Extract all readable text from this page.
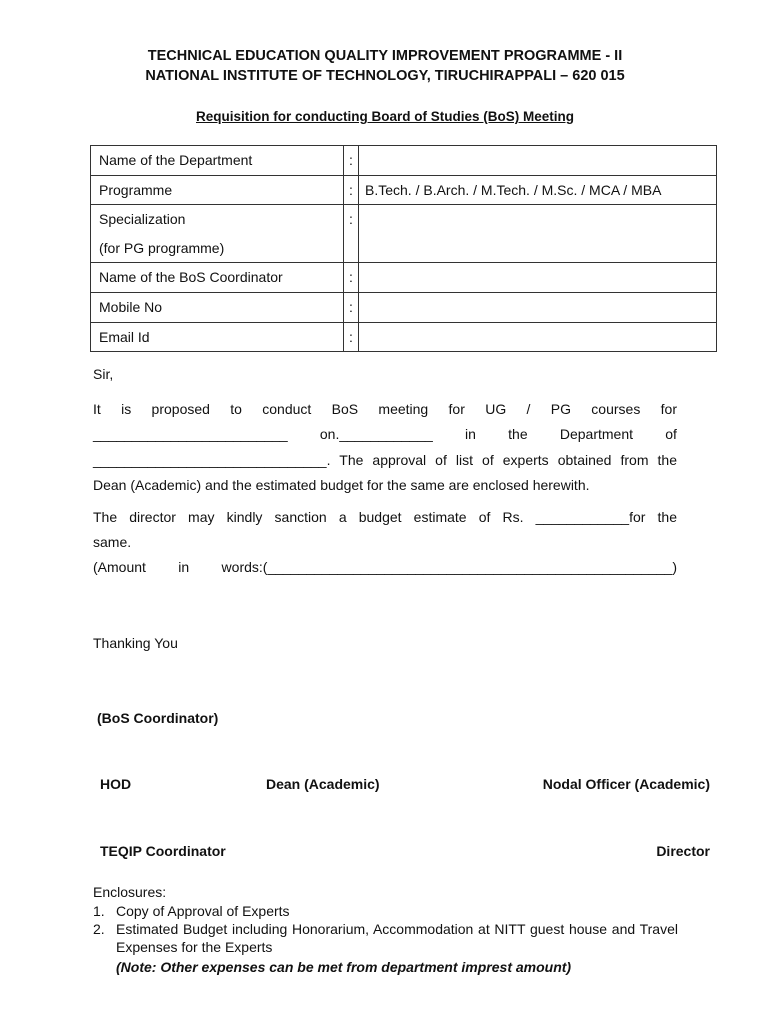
TECHNICAL EDUCATION QUALITY IMPROVEMENT PROGRAMME - II
NATIONAL INSTITUTE OF TECHNOLOGY, TIRUCHIRAPPALI – 620 015
Requisition for conducting Board of Studies (BoS) Meeting
Name of the Department	:	
Programme	:	B.Tech. / B.Arch. / M.Tech. / M.Sc. / MCA / MBA

Specialization
(for PG programme)	:	
Name of the BoS Coordinator	:	
Mobile No	:	
Email Id	:	
Sir,
It is proposed to conduct BoS meeting for UG / PG courses for
_________________________ on.____________ in the Department of
______________________________. The approval of list of experts obtained from the
Dean (Academic) and the estimated budget for the same are enclosed herewith.
The director may kindly sanction a budget estimate of Rs. ____________for the
same.
(Amount in words:(____________________________________________________)
Thanking You
(BoS Coordinator)
HOD	Dean (Academic)	Nodal Officer (Academic)
TEQIP Coordinator	Director
Enclosures:
1. Copy of Approval of Experts
2. Estimated Budget including Honorarium, Accommodation at NITT guest house and Travel Expenses for the Experts
(Note: Other expenses can be met from department imprest amount)
